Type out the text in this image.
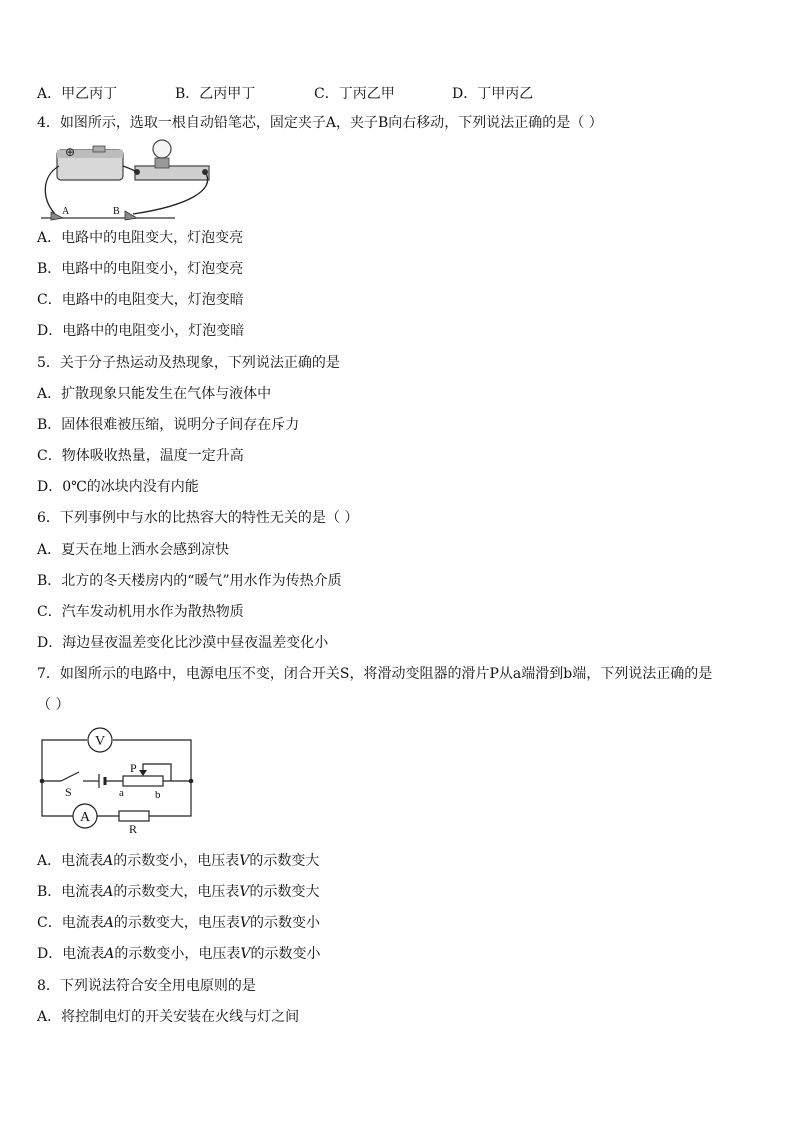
A．甲乙丙丁	B．乙丙甲丁	C．丁丙乙甲	D．丁甲丙乙
4．如图所示，选取一根自动铅笔芯，固定夹子A，夹子B向右移动，下列说法正确的是（ ）
⊕
A	B
A．电路中的电阻变大，灯泡变亮
B．电路中的电阻变小，灯泡变亮
C．电路中的电阻变大，灯泡变暗
D．电路中的电阻变小，灯泡变暗
5．关于分子热运动及热现象，下列说法正确的是
A．扩散现象只能发生在气体与液体中
B．固体很难被压缩，说明分子间存在斥力
C．物体吸收热量，温度一定升高
D．0℃的冰块内没有内能
6．下列事例中与水的比热容大的特性无关的是（ ）
A．夏天在地上洒水会感到凉快
B．北方的冬天楼房内的“暖气”用水作为传热介质
C．汽车发动机用水作为散热物质
D．海边昼夜温差变化比沙漠中昼夜温差变化小
7．如图所示的电路中，电源电压不变，闭合开关S，将滑动变阻器的滑片P从a端滑到b端，下列说法正确的是
（ ）
V
A
S
P
a	b
R
A．电流表A的示数变小，电压表V的示数变大
B．电流表A的示数变大，电压表V的示数变大
C．电流表A的示数变大，电压表V的示数变小
D．电流表A的示数变小，电压表V的示数变小
8．下列说法符合安全用电原则的是
A．将控制电灯的开关安装在火线与灯之间
